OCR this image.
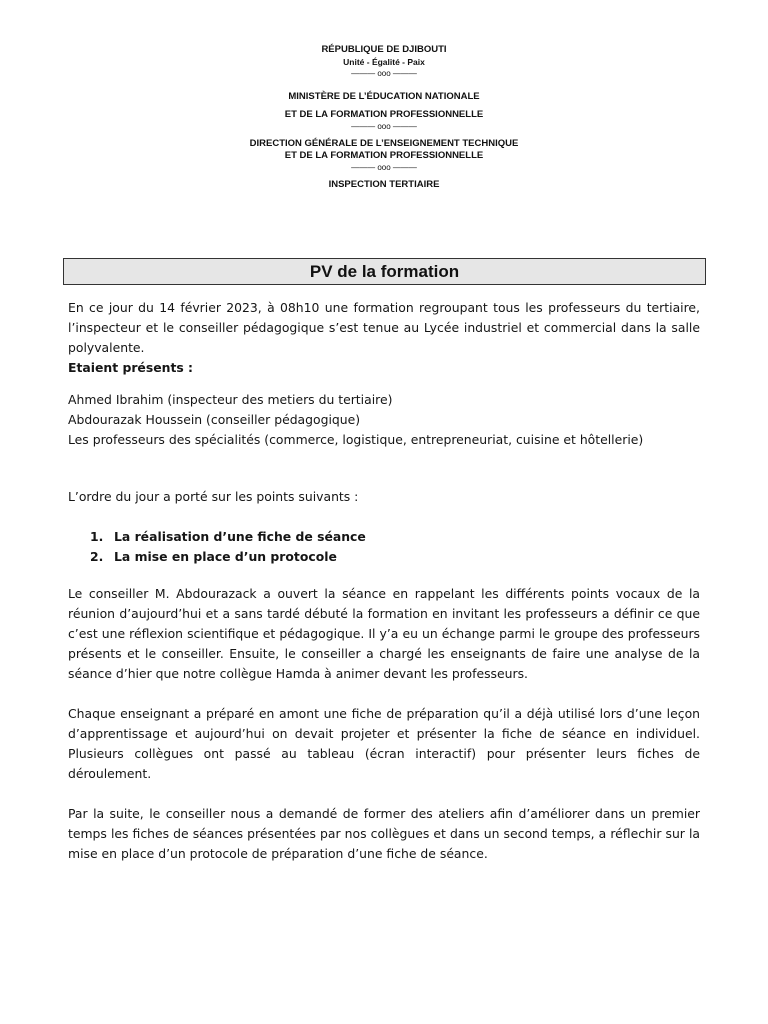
RÉPUBLIQUE DE DJIBOUTI
Unité - Égalité - Paix
——— ooo ———
MINISTÈRE DE L’ÉDUCATION NATIONALE
ET DE LA FORMATION PROFESSIONNELLE
——— ooo ———
DIRECTION GÉNÉRALE DE L’ENSEIGNEMENT TECHNIQUE
ET DE LA FORMATION PROFESSIONNELLE
——— ooo ———
INSPECTION TERTIAIRE
PV de la formation

En ce jour du 14 février 2023, à 08h10 une formation regroupant tous les professeurs du tertiaire, l’inspecteur et le conseiller pédagogique s’est tenue au Lycée industriel et commercial dans la salle polyvalente.

Etaient présents :

Ahmed Ibrahim (inspecteur des metiers du tertiaire)
Abdourazak Houssein (conseiller pédagogique)
Les professeurs des spécialités (commerce, logistique, entrepreneuriat, cuisine et hôtellerie)

L’ordre du jour a porté sur les points suivants :

1. La réalisation d’une fiche de séance
2. La mise en place d’un protocole

Le conseiller M. Abdourazack a ouvert la séance en rappelant les différents points vocaux de la réunion d’aujourd’hui et a sans tardé débuté la formation en invitant les professeurs a définir ce que c’est une réflexion scientifique et pédagogique. Il y’a eu un échange parmi le groupe des professeurs présents et le conseiller. Ensuite, le conseiller a chargé les enseignants de faire une analyse de la séance d’hier que notre collègue Hamda à animer devant les professeurs.

Chaque enseignant a préparé en amont une fiche de préparation qu’il a déjà utilisé lors d’une leçon d’apprentissage et aujourd’hui on devait projeter et présenter la fiche de séance en individuel. Plusieurs collègues ont passé au tableau (écran interactif) pour présenter leurs fiches de déroulement.

Par la suite, le conseiller nous a demandé de former des ateliers afin d’améliorer dans un premier temps les fiches de séances présentées par nos collègues et dans un second temps, a réflechir sur la mise en place d’un protocole de préparation d’une fiche de séance.
